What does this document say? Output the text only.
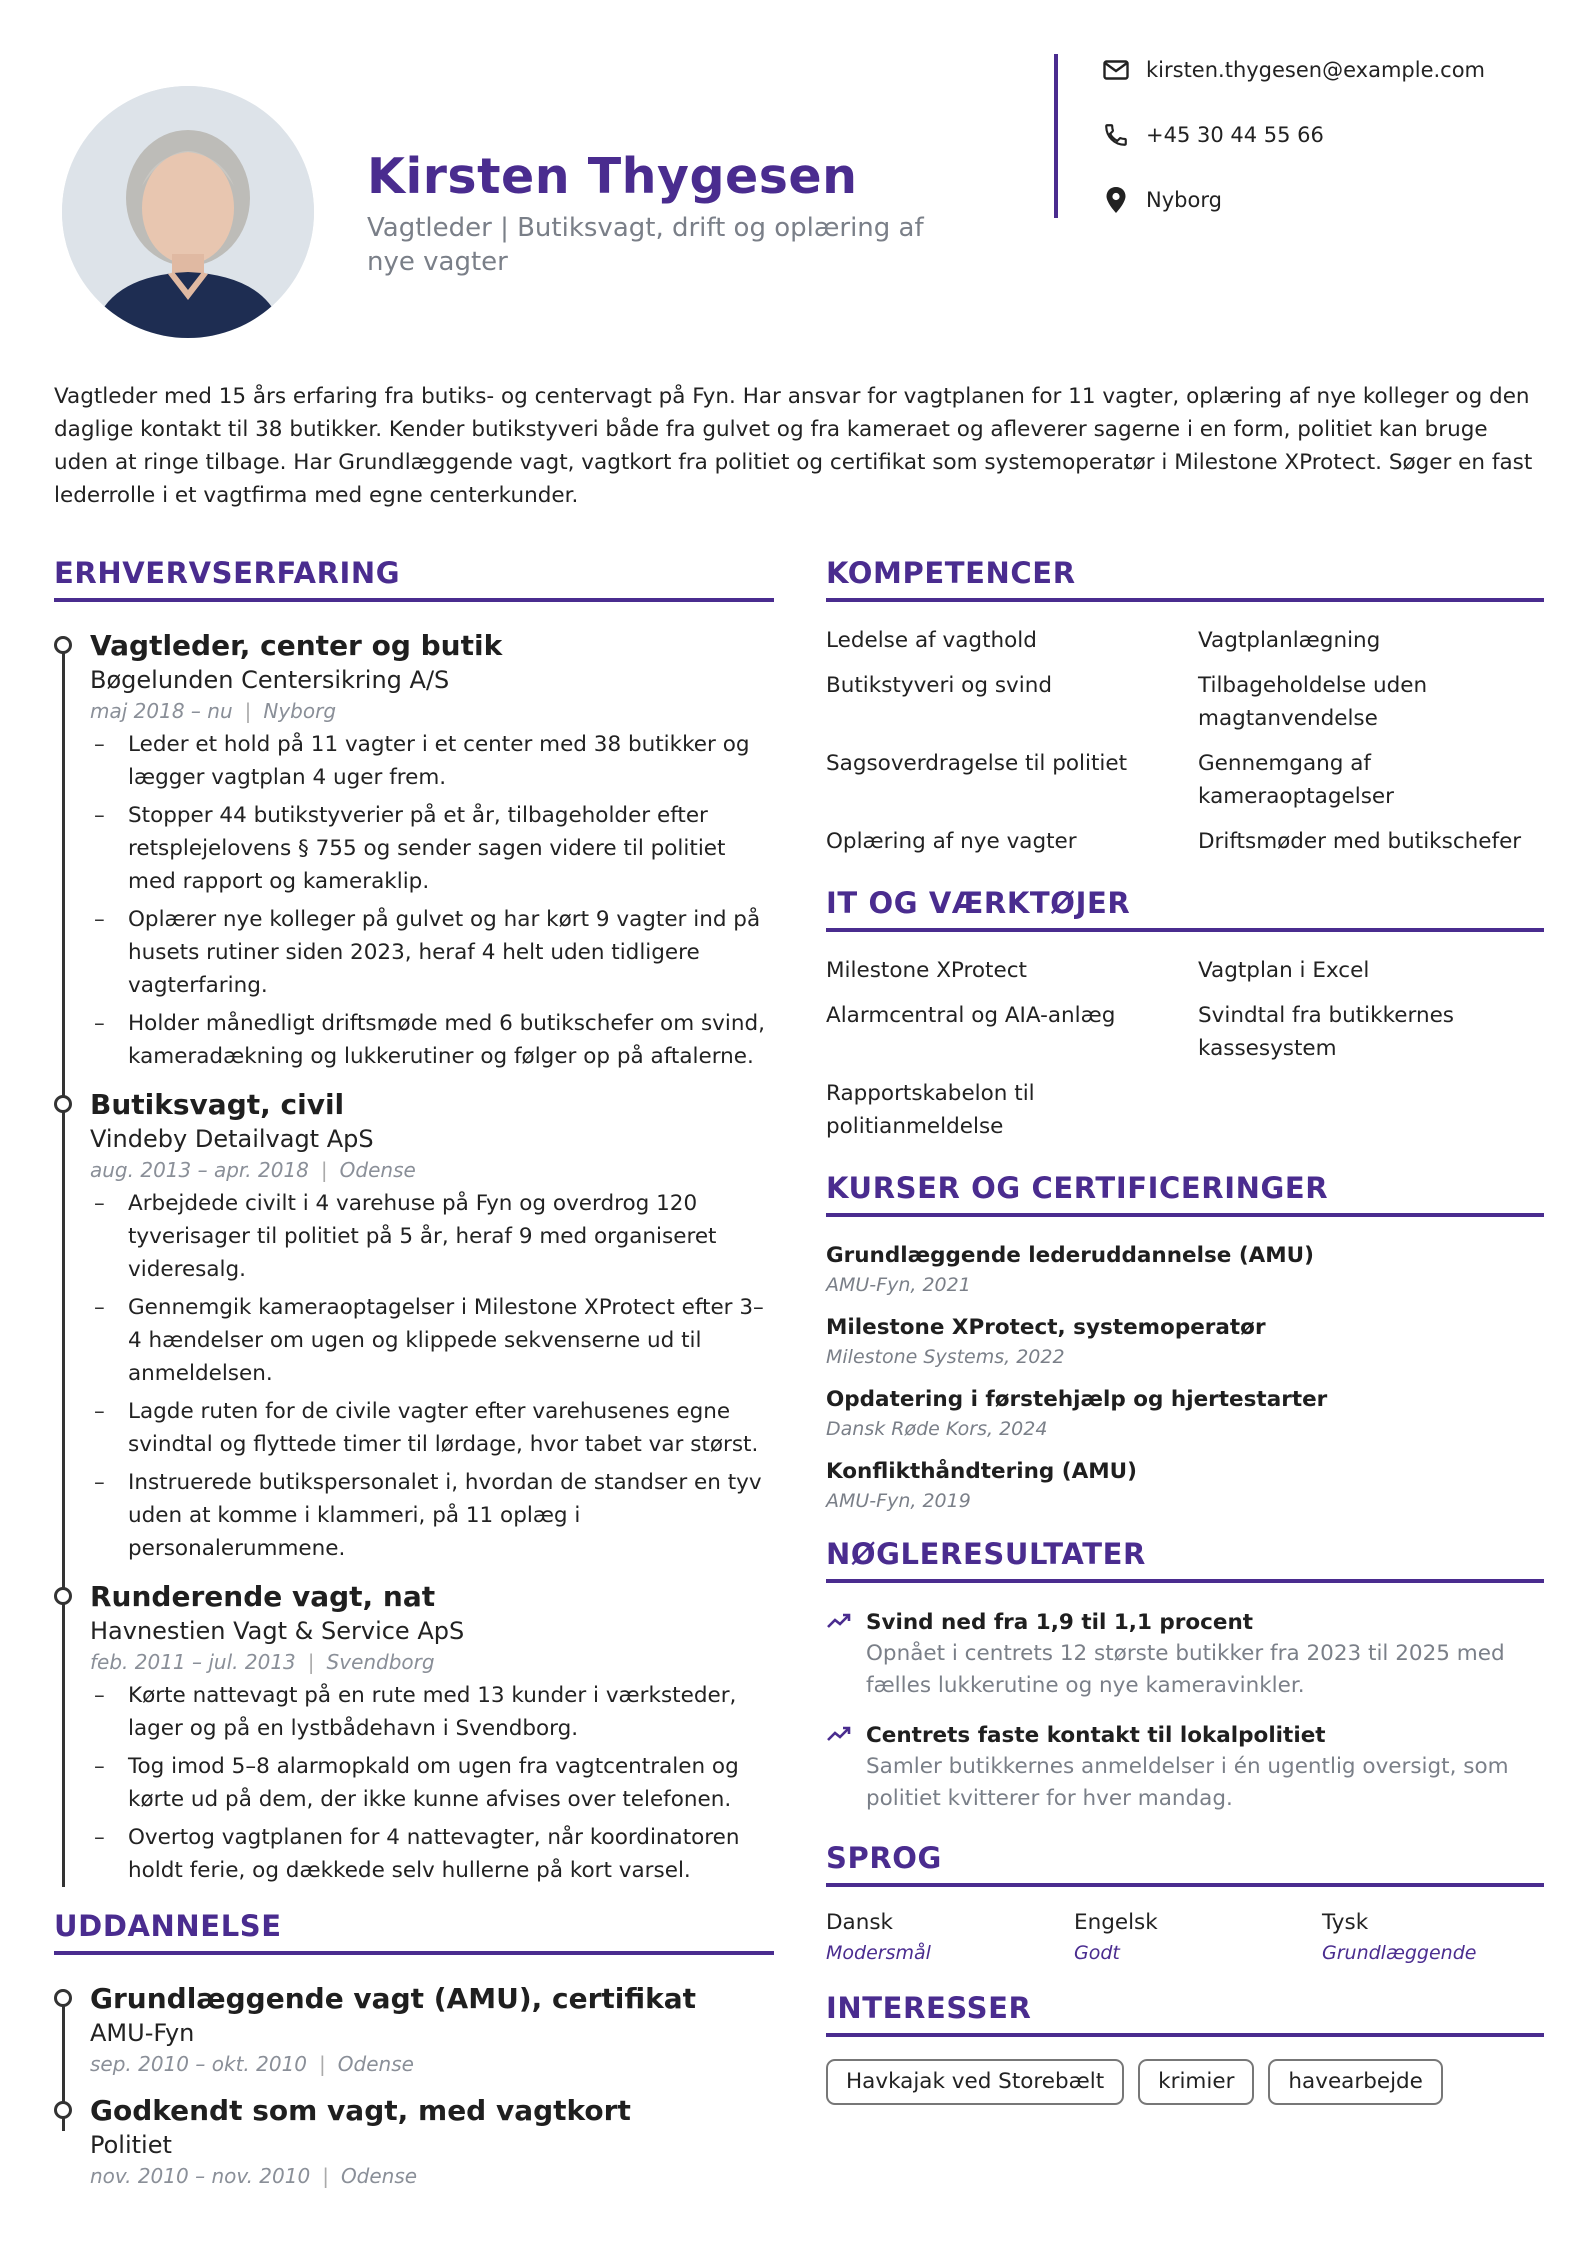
Kirsten Thygesen
Vagtleder | Butiksvagt, drift og oplæring af nye vagter
kirsten.thygesen@example.com
+45 30 44 55 66
Nyborg
Vagtleder med 15 års erfaring fra butiks- og centervagt på Fyn. Har ansvar for vagtplanen for 11 vagter, oplæring af nye kolleger og den daglige kontakt til 38 butikker. Kender butikstyveri både fra gulvet og fra kameraet og afleverer sagerne i en form, politiet kan bruge uden at ringe tilbage. Har Grundlæggende vagt, vagtkort fra politiet og certifikat som systemoperatør i Milestone XProtect. Søger en fast lederrolle i et vagtfirma med egne centerkunder.
ERHVERVSERFARING
Vagtleder, center og butik
Bøgelunden Centersikring A/S
maj 2018 – nu | Nyborg
– Leder et hold på 11 vagter i et center med 38 butikker og lægger vagtplan 4 uger frem.
– Stopper 44 butikstyverier på et år, tilbageholder efter retsplejelovens § 755 og sender sagen videre til politiet med rapport og kameraklip.
– Oplærer nye kolleger på gulvet og har kørt 9 vagter ind på husets rutiner siden 2023, heraf 4 helt uden tidligere vagterfaring.
– Holder månedligt driftsmøde med 6 butikschefer om svind, kameradækning og lukkerutiner og følger op på aftalerne.
Butiksvagt, civil
Vindeby Detailvagt ApS
aug. 2013 – apr. 2018 | Odense
– Arbejdede civilt i 4 varehuse på Fyn og overdrog 120 tyverisager til politiet på 5 år, heraf 9 med organiseret videresalg.
– Gennemgik kameraoptagelser i Milestone XProtect efter 3–4 hændelser om ugen og klippede sekvenserne ud til anmeldelsen.
– Lagde ruten for de civile vagter efter varehusenes egne svindtal og flyttede timer til lørdage, hvor tabet var størst.
– Instruerede butikspersonalet i, hvordan de standser en tyv uden at komme i klammeri, på 11 oplæg i personalerummene.
Runderende vagt, nat
Havnestien Vagt & Service ApS
feb. 2011 – jul. 2013 | Svendborg
– Kørte nattevagt på en rute med 13 kunder i værksteder, lager og på en lystbådehavn i Svendborg.
– Tog imod 5–8 alarmopkald om ugen fra vagtcentralen og kørte ud på dem, der ikke kunne afvises over telefonen.
– Overtog vagtplanen for 4 nattevagter, når koordinatoren holdt ferie, og dækkede selv hullerne på kort varsel.
UDDANNELSE
Grundlæggende vagt (AMU), certifikat
AMU-Fyn
sep. 2010 – okt. 2010 | Odense
Godkendt som vagt, med vagtkort
Politiet
nov. 2010 – nov. 2010 | Odense
KOMPETENCER
Ledelse af vagthold	Vagtplanlægning
Butikstyveri og svind	Tilbageholdelse uden magtanvendelse
Sagsoverdragelse til politiet	Gennemgang af kameraoptagelser
Oplæring af nye vagter	Driftsmøder med butikschefer
IT OG VÆRKTØJER
Milestone XProtect	Vagtplan i Excel
Alarmcentral og AIA-anlæg	Svindtal fra butikkernes kassesystem
Rapportskabelon til politianmeldelse
KURSER OG CERTIFICERINGER
Grundlæggende lederuddannelse (AMU)
AMU-Fyn, 2021
Milestone XProtect, systemoperatør
Milestone Systems, 2022
Opdatering i førstehjælp og hjertestarter
Dansk Røde Kors, 2024
Konflikthåndtering (AMU)
AMU-Fyn, 2019
NØGLERESULTATER
Svind ned fra 1,9 til 1,1 procent
Opnået i centrets 12 største butikker fra 2023 til 2025 med fælles lukkerutine og nye kameravinkler.
Centrets faste kontakt til lokalpolitiet
Samler butikkernes anmeldelser i én ugentlig oversigt, som politiet kvitterer for hver mandag.
SPROG
Dansk
Modersmål
Engelsk
Godt
Tysk
Grundlæggende
INTERESSER
Havkajak ved Storebælt	krimier	havearbejde
